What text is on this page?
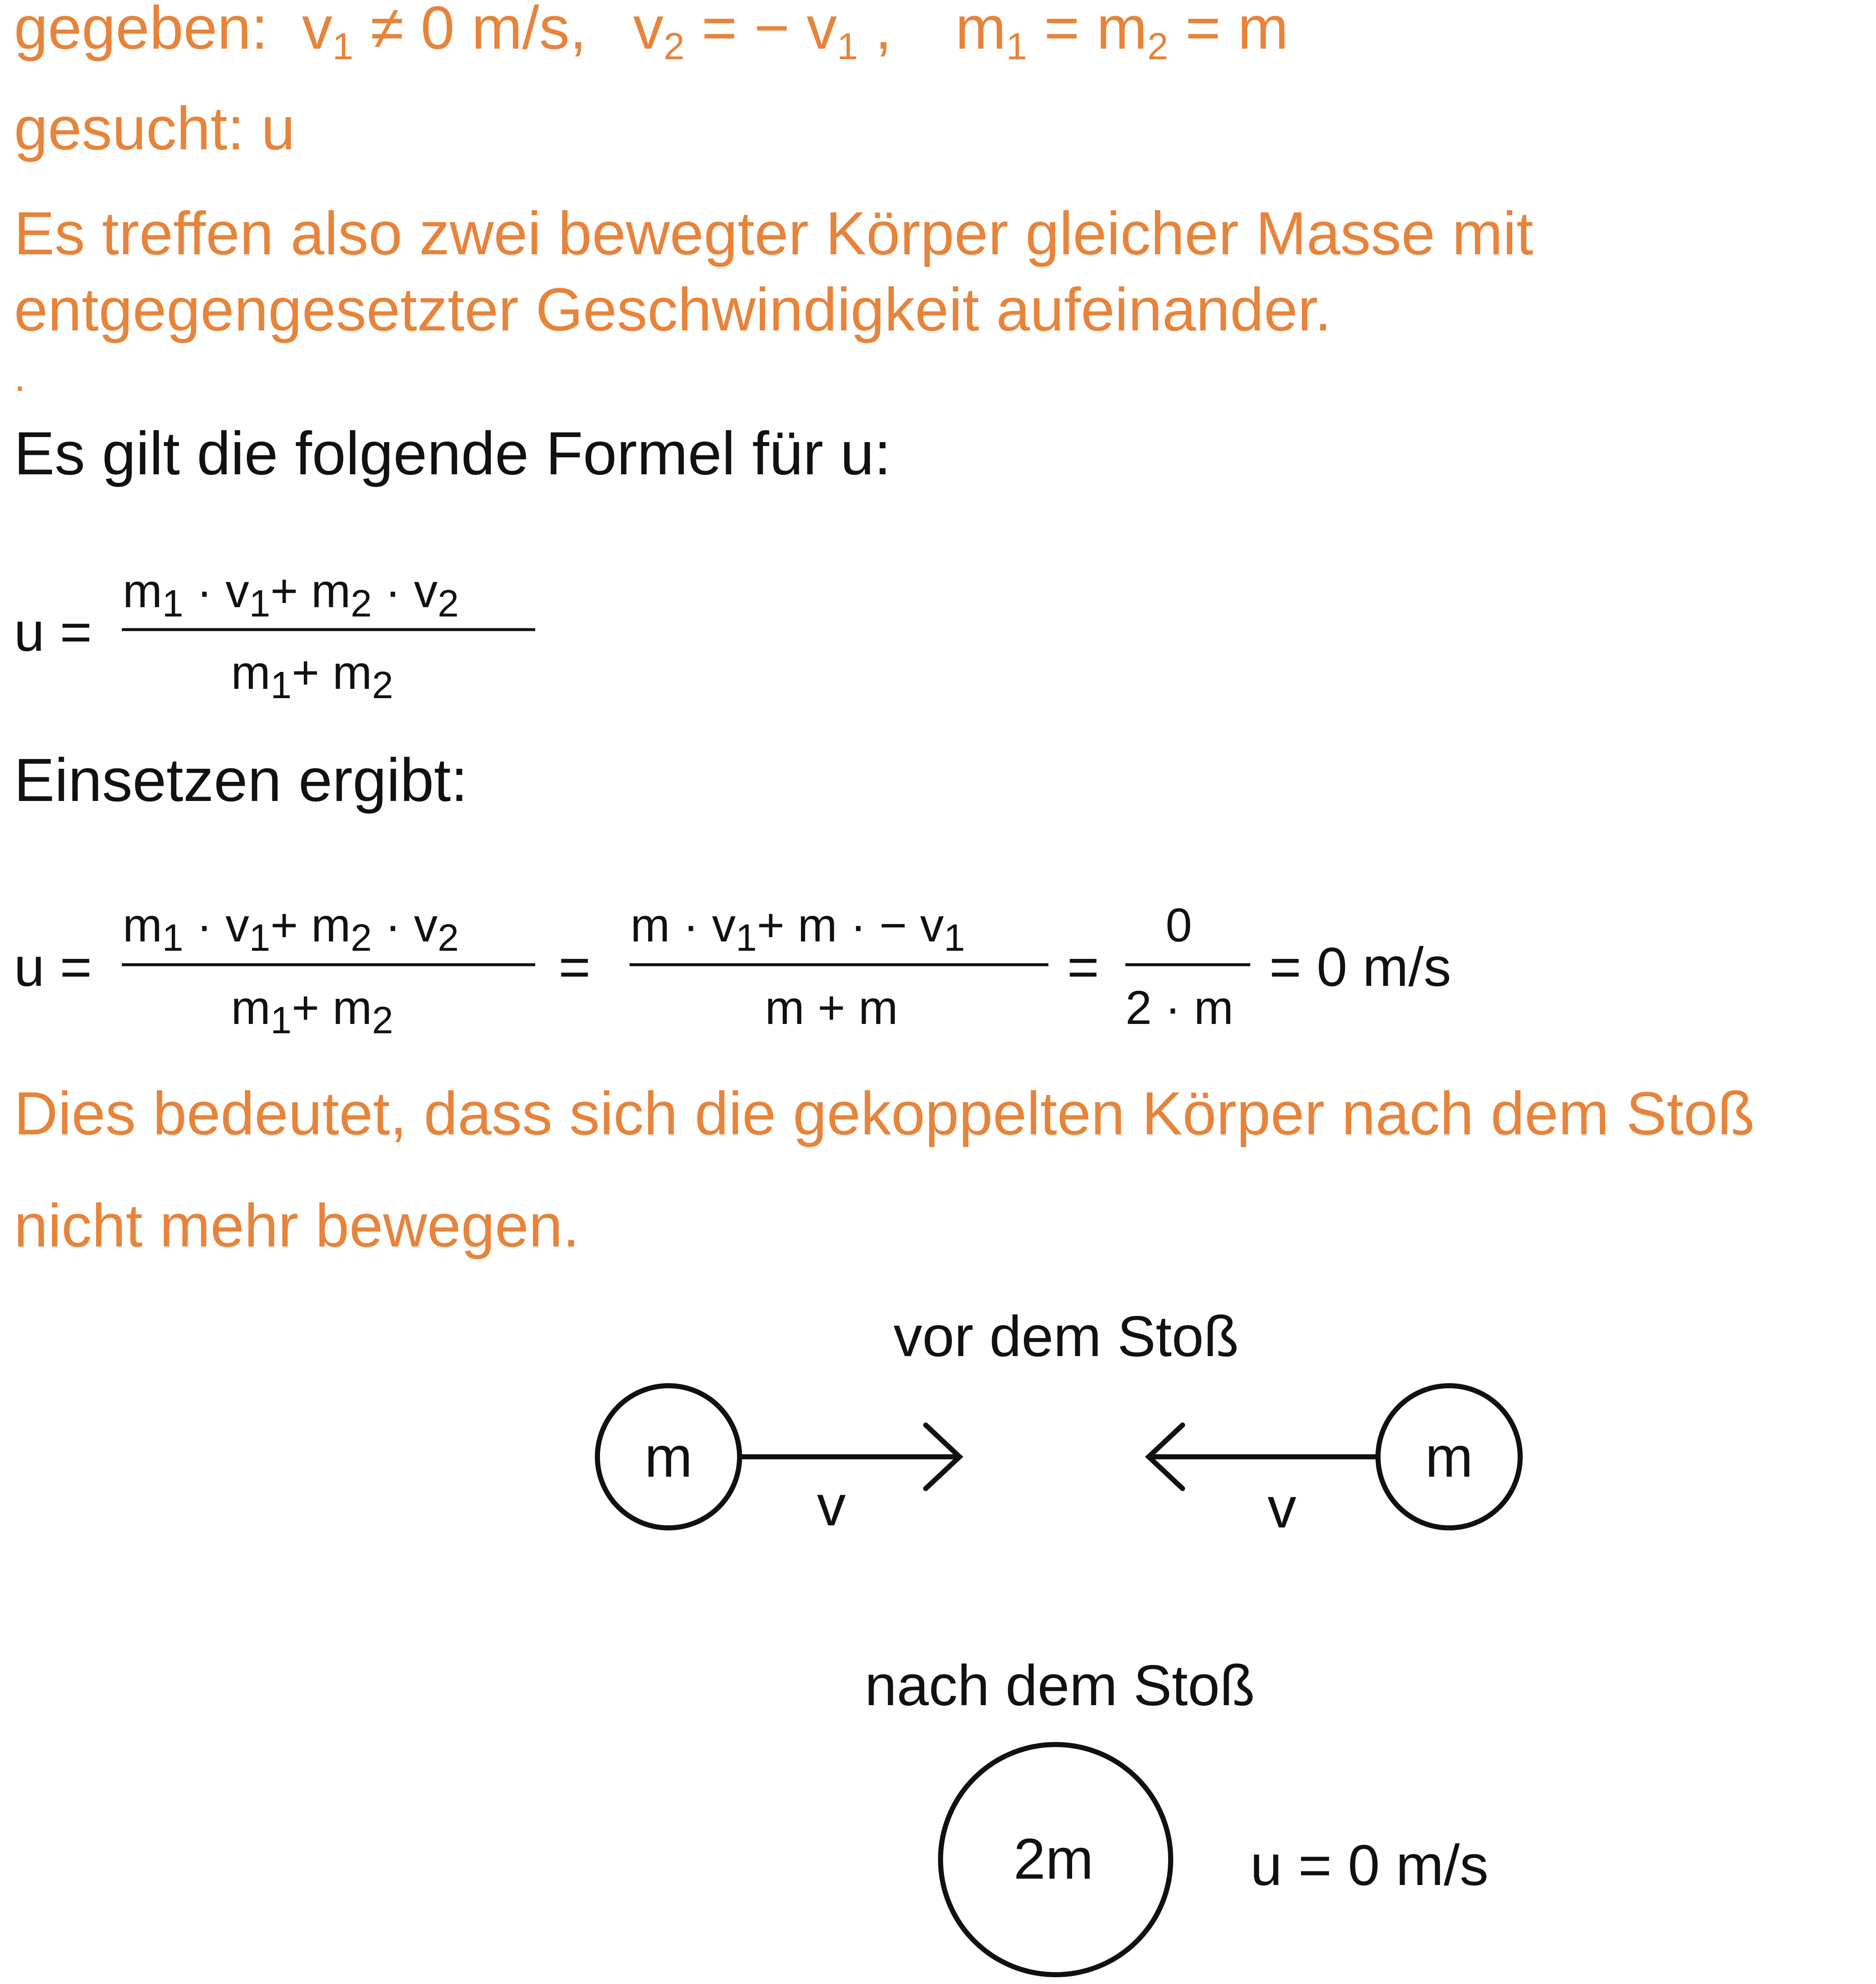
gegeben: v1 ≠ 0 m/s, v2 = − v1 , m1 = m2 = m
gesucht: u
Es treffen also zwei bewegter Körper gleicher Masse mit
entgegengesetzter Geschwindigkeit aufeinander.
.
Es gilt die folgende Formel für u:
Einsetzen ergibt:
Dies bedeutet, dass sich die gekoppelten Körper nach dem Stoß
nicht mehr bewegen.
u =
m1 · v1+ m2 · v2
m1+ m2
u =
m1 · v1+ m2 · v2
m1+ m2
=
m · v1+ m · − v1
m + m
=
0
2 · m
= 0 m/s
vor dem Stoß
m
v
m
v
nach dem Stoß
2m	u = 0 m/s
